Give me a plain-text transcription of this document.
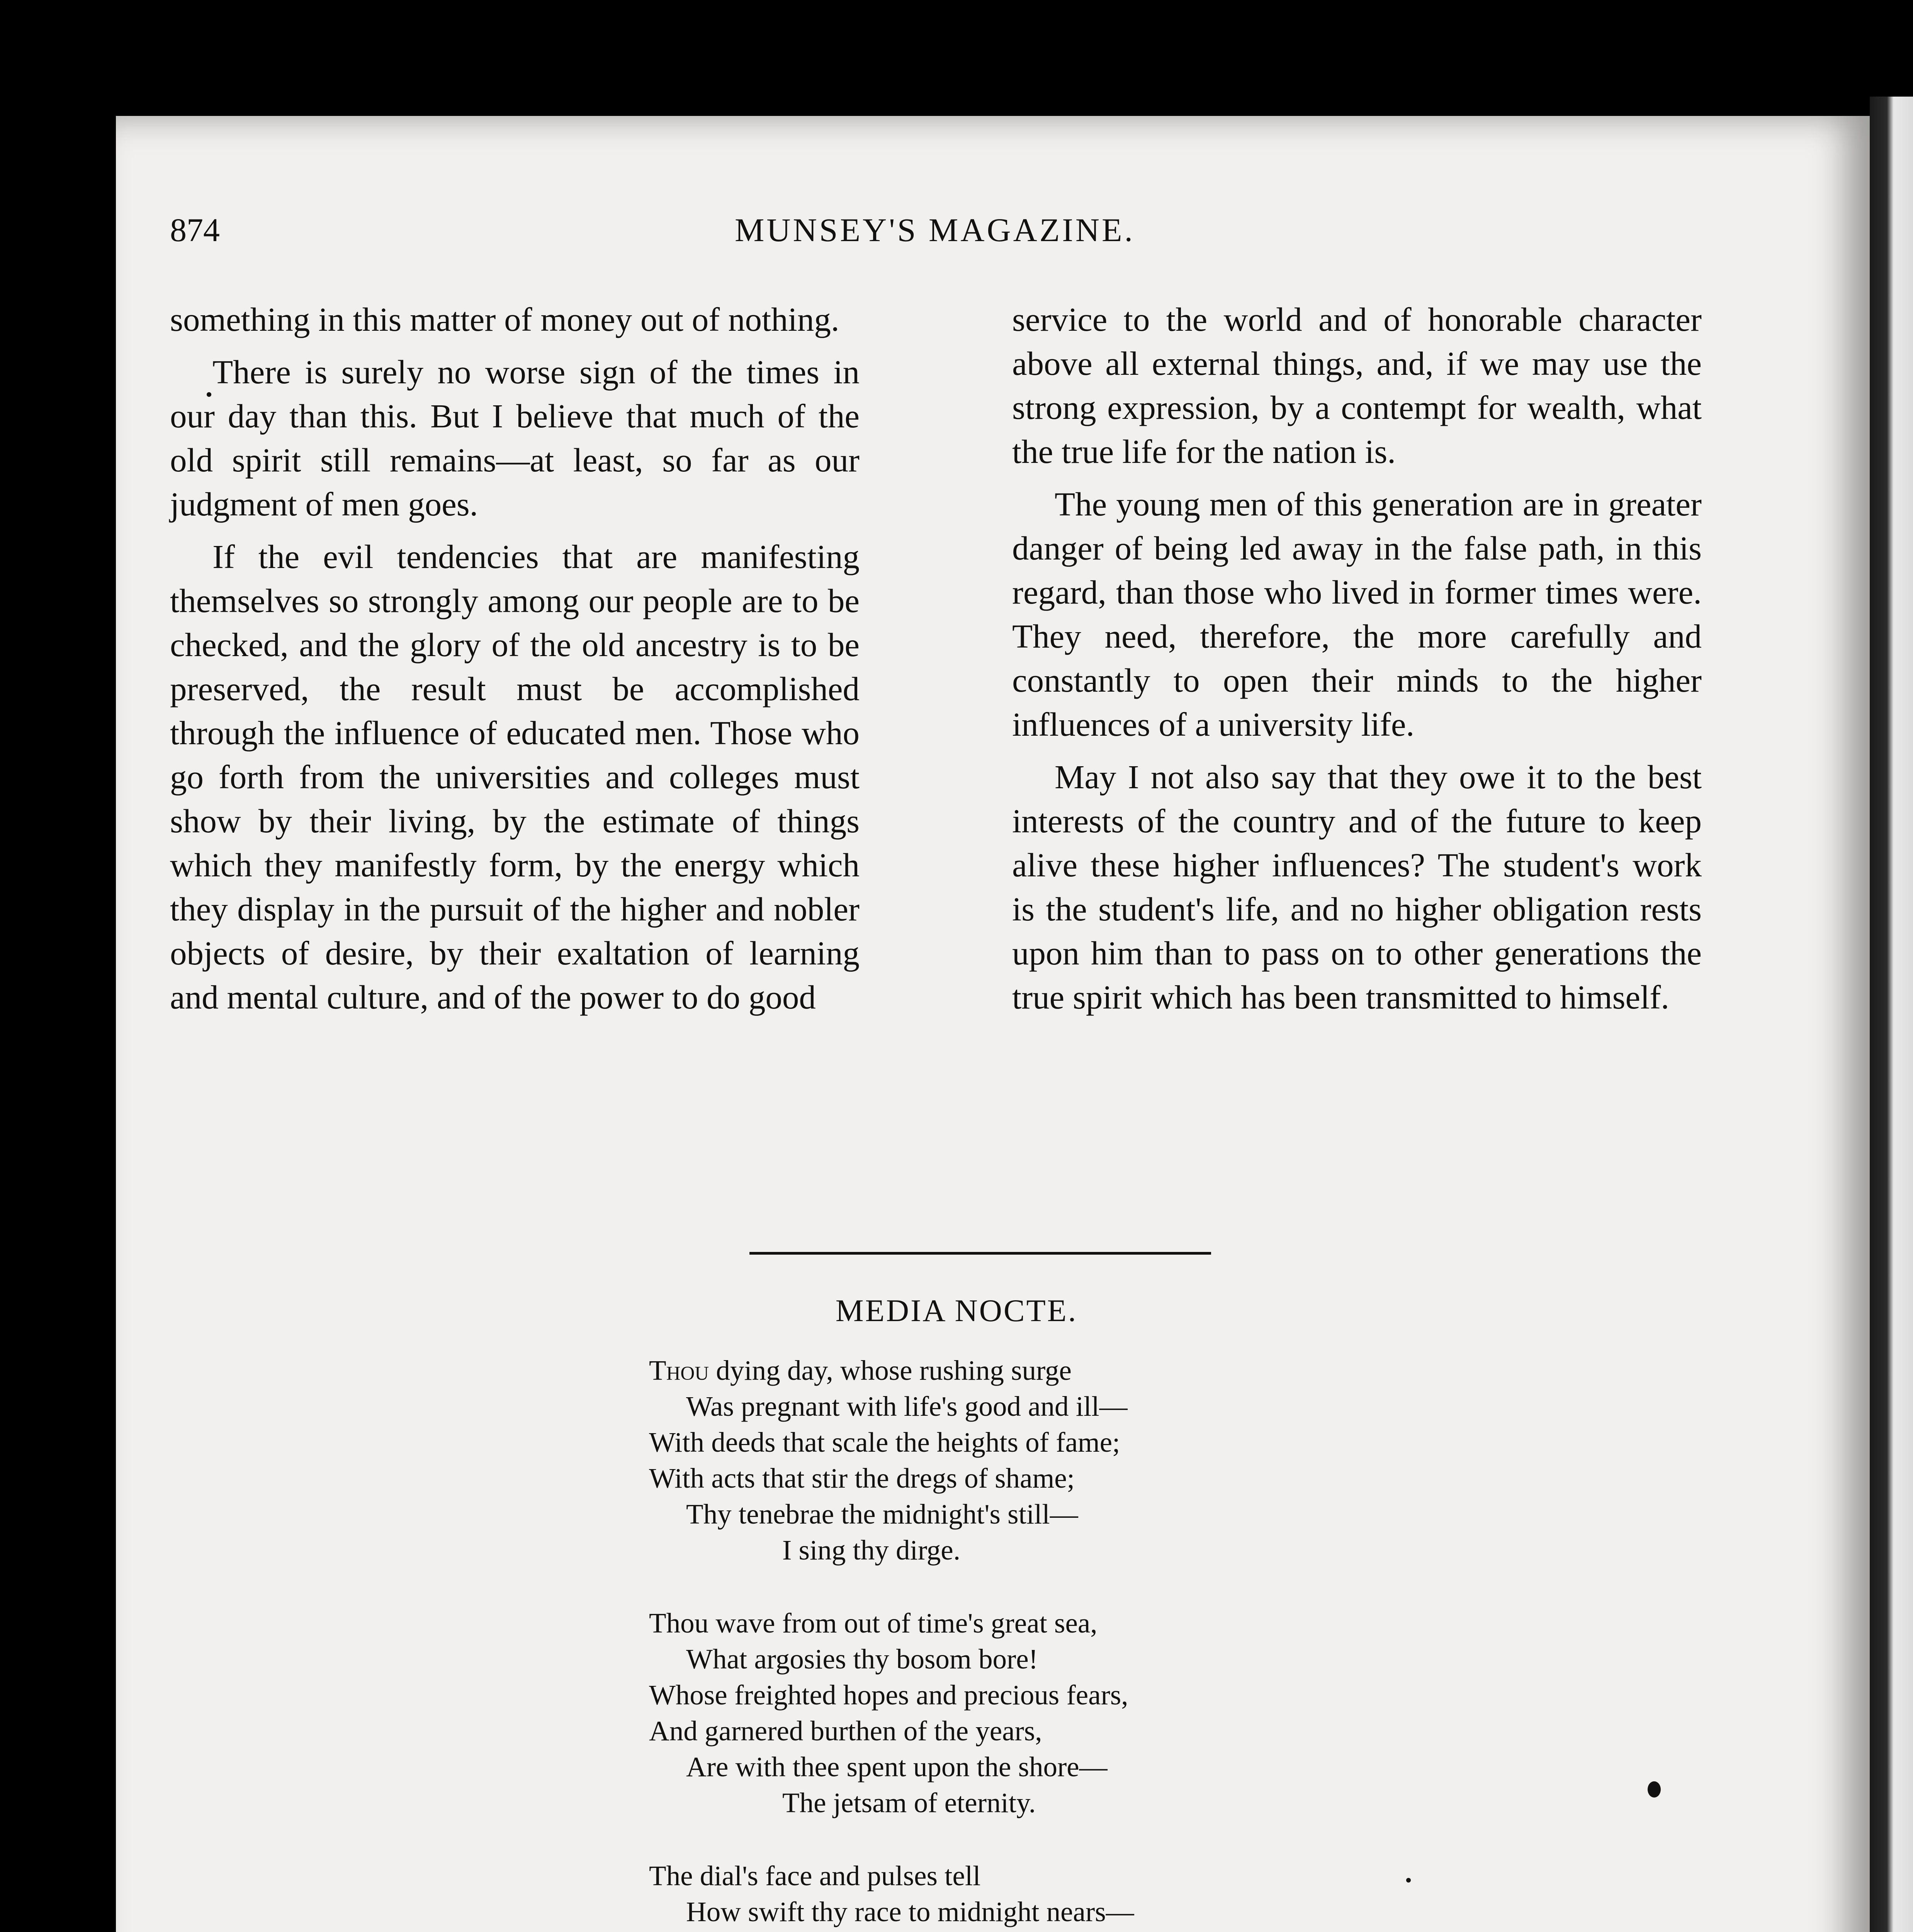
874	MUNSEY'S MAGAZINE.

something in this matter of money out of nothing.

There is surely no worse sign of the times in our day than this. But I believe that much of the old spirit still remains—at least, so far as our judgment of men goes.

If the evil tendencies that are manifesting themselves so strongly among our people are to be checked, and the glory of the old ancestry is to be preserved, the result must be accomplished through the influence of educated men. Those who go forth from the universities and colleges must show by their living, by the estimate of things which they manifestly form, by the energy which they display in the pursuit of the higher and nobler objects of desire, by their exaltation of learning and mental culture, and of the power to do good

service to the world and of honorable character above all external things, and, if we may use the strong expression, by a contempt for wealth, what the true life for the nation is.

The young men of this generation are in greater danger of being led away in the false path, in this regard, than those who lived in former times were. They need, therefore, the more carefully and constantly to open their minds to the higher influences of a university life.

May I not also say that they owe it to the best interests of the country and of the future to keep alive these higher influences? The student's work is the student's life, and no higher obligation rests upon him than to pass on to other generations the true spirit which has been transmitted to himself.

MEDIA NOCTE.
Thou dying day, whose rushing surge
Was pregnant with life's good and ill—
With deeds that scale the heights of fame;
With acts that stir the dregs of shame;
Thy tenebrae the midnight's still—
I sing thy dirge.
Thou wave from out of time's great sea,
What argosies thy bosom bore!
Whose freighted hopes and precious fears,
And garnered burthen of the years,
Are with thee spent upon the shore—
The jetsam of eternity.
The dial's face and pulses tell
How swift thy race to midnight nears—
